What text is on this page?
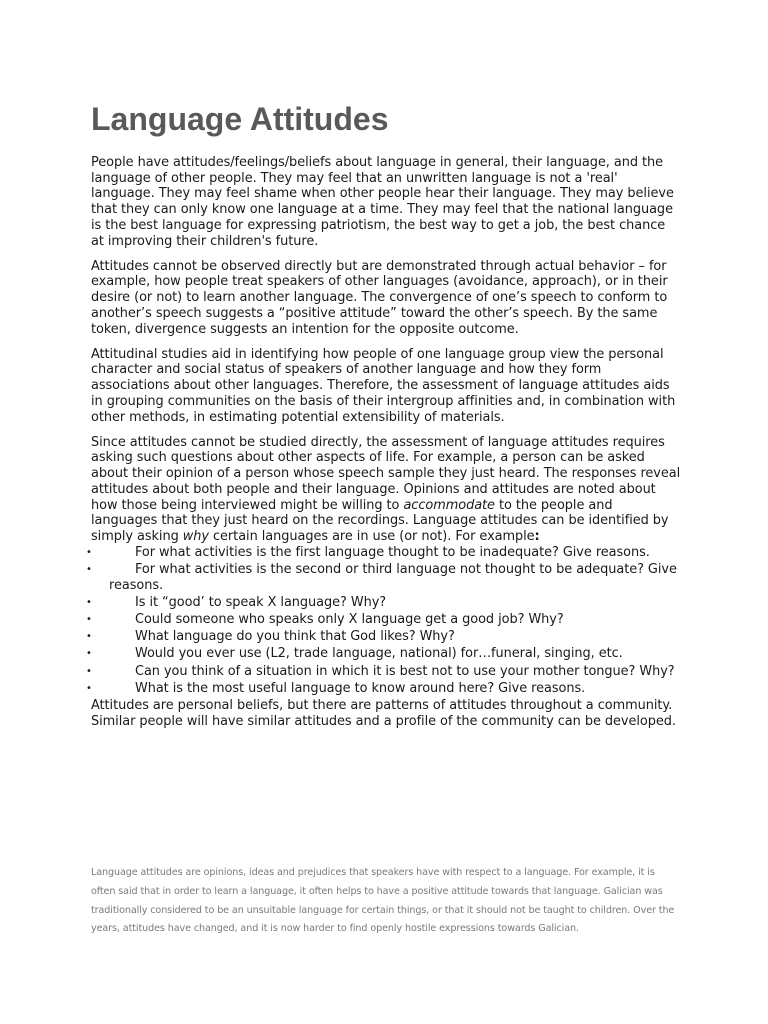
Language Attitudes

People have attitudes/feelings/beliefs about language in general, their language, and the language of other people. They may feel that an unwritten language is not a 'real' language. They may feel shame when other people hear their language. They may believe that they can only know one language at a time. They may feel that the national language is the best language for expressing patriotism, the best way to get a job, the best chance at improving their children's future.

Attitudes cannot be observed directly but are demonstrated through actual behavior – for example, how people treat speakers of other languages (avoidance, approach), or in their desire (or not) to learn another language. The convergence of one’s speech to conform to another’s speech suggests a “positive attitude” toward the other’s speech. By the same token, divergence suggests an intention for the opposite outcome.

Attitudinal studies aid in identifying how people of one language group view the personal character and social status of speakers of another language and how they form associations about other languages. Therefore, the assessment of language attitudes aids in grouping communities on the basis of their intergroup affinities and, in combination with other methods, in estimating potential extensibility of materials.

Since attitudes cannot be studied directly, the assessment of language attitudes requires asking such questions about other aspects of life. For example, a person can be asked about their opinion of a person whose speech sample they just heard. The responses reveal attitudes about both people and their language. Opinions and attitudes are noted about how those being interviewed might be willing to accommodate to the people and languages that they just heard on the recordings. Language attitudes can be identified by simply asking why certain languages are in use (or not). For example:

•	For what activities is the first language thought to be inadequate? Give reasons.
•	For what activities is the second or third language not thought to be adequate? Give reasons.
•	Is it “good’ to speak X language? Why?
•	Could someone who speaks only X language get a good job? Why?
•	What language do you think that God likes? Why?
•	Would you ever use (L2, trade language, national) for…funeral, singing, etc.
•	Can you think of a situation in which it is best not to use your mother tongue? Why?
•	What is the most useful language to know around here? Give reasons.

Attitudes are personal beliefs, but there are patterns of attitudes throughout a community. Similar people will have similar attitudes and a profile of the community can be developed.

Language attitudes are opinions, ideas and prejudices that speakers have with respect to a language. For example, it is often said that in order to learn a language, it often helps to have a positive attitude towards that language. Galician was traditionally considered to be an unsuitable language for certain things, or that it should not be taught to children. Over the years, attitudes have changed, and it is now harder to find openly hostile expressions towards Galician.
